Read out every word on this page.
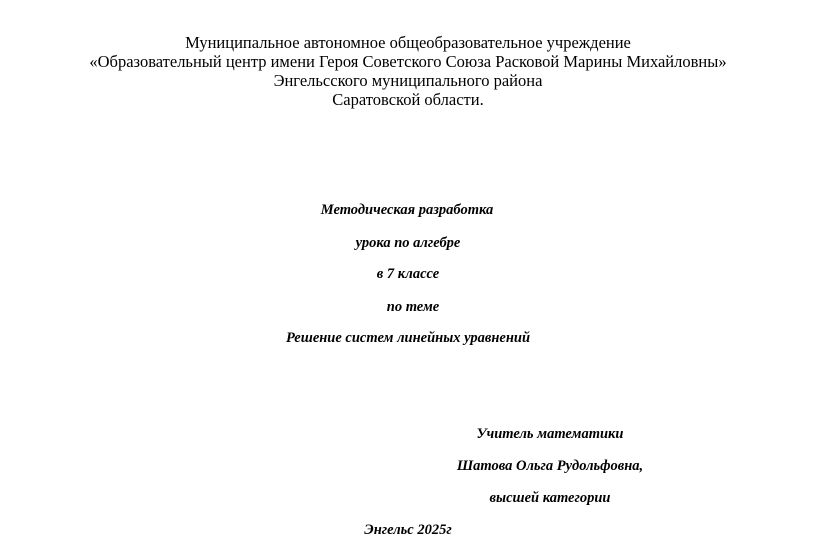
Муниципальное автономное общеобразовательное учреждение
«Образовательный центр имени Героя Советского Союза Расковой Марины Михайловны»
Энгельсского муниципального района
Саратовской области.
Методическая разработка
урока по алгебре
в 7 классе
по теме
Решение систем линейных уравнений
Учитель математики
Шатова Ольга Рудольфовна,
высшей категории
Энгельс 2025г
